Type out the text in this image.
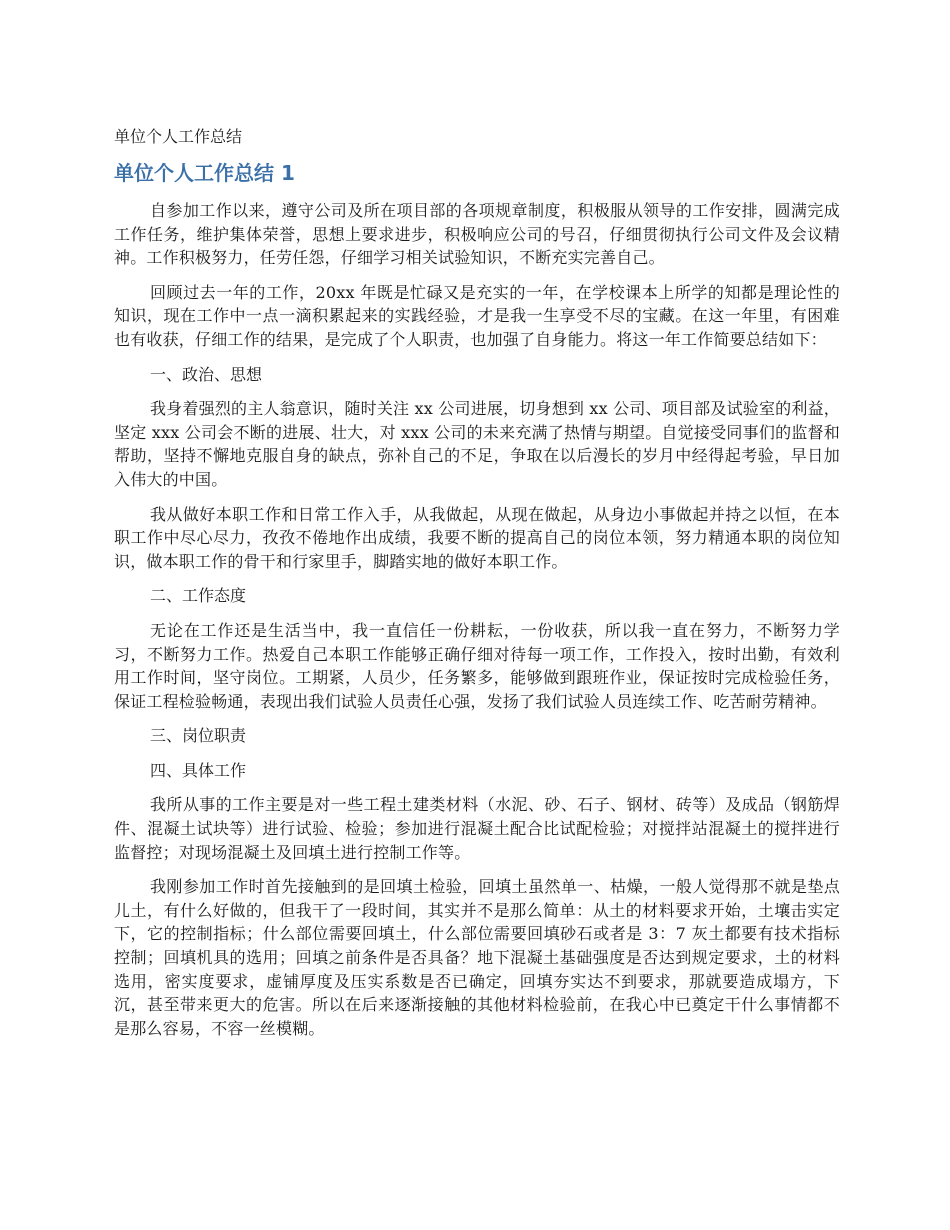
单位个人工作总结
单位个人工作总结 1

自参加工作以来，遵守公司及所在项目部的各项规章制度，积极服从领导的工作安排，圆满完成工作任务，维护集体荣誉，思想上要求进步，积极响应公司的号召，仔细贯彻执行公司文件及会议精神。工作积极努力，任劳任怨，仔细学习相关试验知识，不断充实完善自己。

回顾过去一年的工作，20xx 年既是忙碌又是充实的一年，在学校课本上所学的知都是理论性的知识，现在工作中一点一滴积累起来的实践经验，才是我一生享受不尽的宝藏。在这一年里，有困难也有收获，仔细工作的结果，是完成了个人职责，也加强了自身能力。将这一年工作简要总结如下：

一、政治、思想

我身着强烈的主人翁意识，随时关注 xx 公司进展，切身想到 xx 公司、项目部及试验室的利益，坚定 xxx 公司会不断的进展、壮大，对 xxx 公司的未来充满了热情与期望。自觉接受同事们的监督和帮助，坚持不懈地克服自身的缺点，弥补自己的不足，争取在以后漫长的岁月中经得起考验，早日加入伟大的中国。

我从做好本职工作和日常工作入手，从我做起，从现在做起，从身边小事做起并持之以恒，在本职工作中尽心尽力，孜孜不倦地作出成绩，我要不断的提高自己的岗位本领，努力精通本职的岗位知识，做本职工作的骨干和行家里手，脚踏实地的做好本职工作。

二、工作态度

无论在工作还是生活当中，我一直信任一份耕耘，一份收获，所以我一直在努力，不断努力学习，不断努力工作。热爱自己本职工作能够正确仔细对待每一项工作，工作投入，按时出勤，有效利用工作时间，坚守岗位。工期紧，人员少，任务繁多，能够做到跟班作业，保证按时完成检验任务，保证工程检验畅通，表现出我们试验人员责任心强，发扬了我们试验人员连续工作、吃苦耐劳精神。

三、岗位职责

四、具体工作

我所从事的工作主要是对一些工程土建类材料（水泥、砂、石子、钢材、砖等）及成品（钢筋焊件、混凝土试块等）进行试验、检验；参加进行混凝土配合比试配检验；对搅拌站混凝土的搅拌进行监督控；对现场混凝土及回填土进行控制工作等。

我刚参加工作时首先接触到的是回填土检验，回填土虽然单一、枯燥，一般人觉得那不就是垫点儿土，有什么好做的，但我干了一段时间，其实并不是那么简单：从土的材料要求开始，土壤击实定下，它的控制指标；什么部位需要回填土，什么部位需要回填砂石或者是 3：7 灰土都要有技术指标控制；回填机具的选用；回填之前条件是否具备？地下混凝土基础强度是否达到规定要求，土的材料选用，密实度要求，虚铺厚度及压实系数是否已确定，回填夯实达不到要求，那就要造成塌方，下沉，甚至带来更大的危害。所以在后来逐渐接触的其他材料检验前，在我心中已奠定干什么事情都不是那么容易，不容一丝模糊。
